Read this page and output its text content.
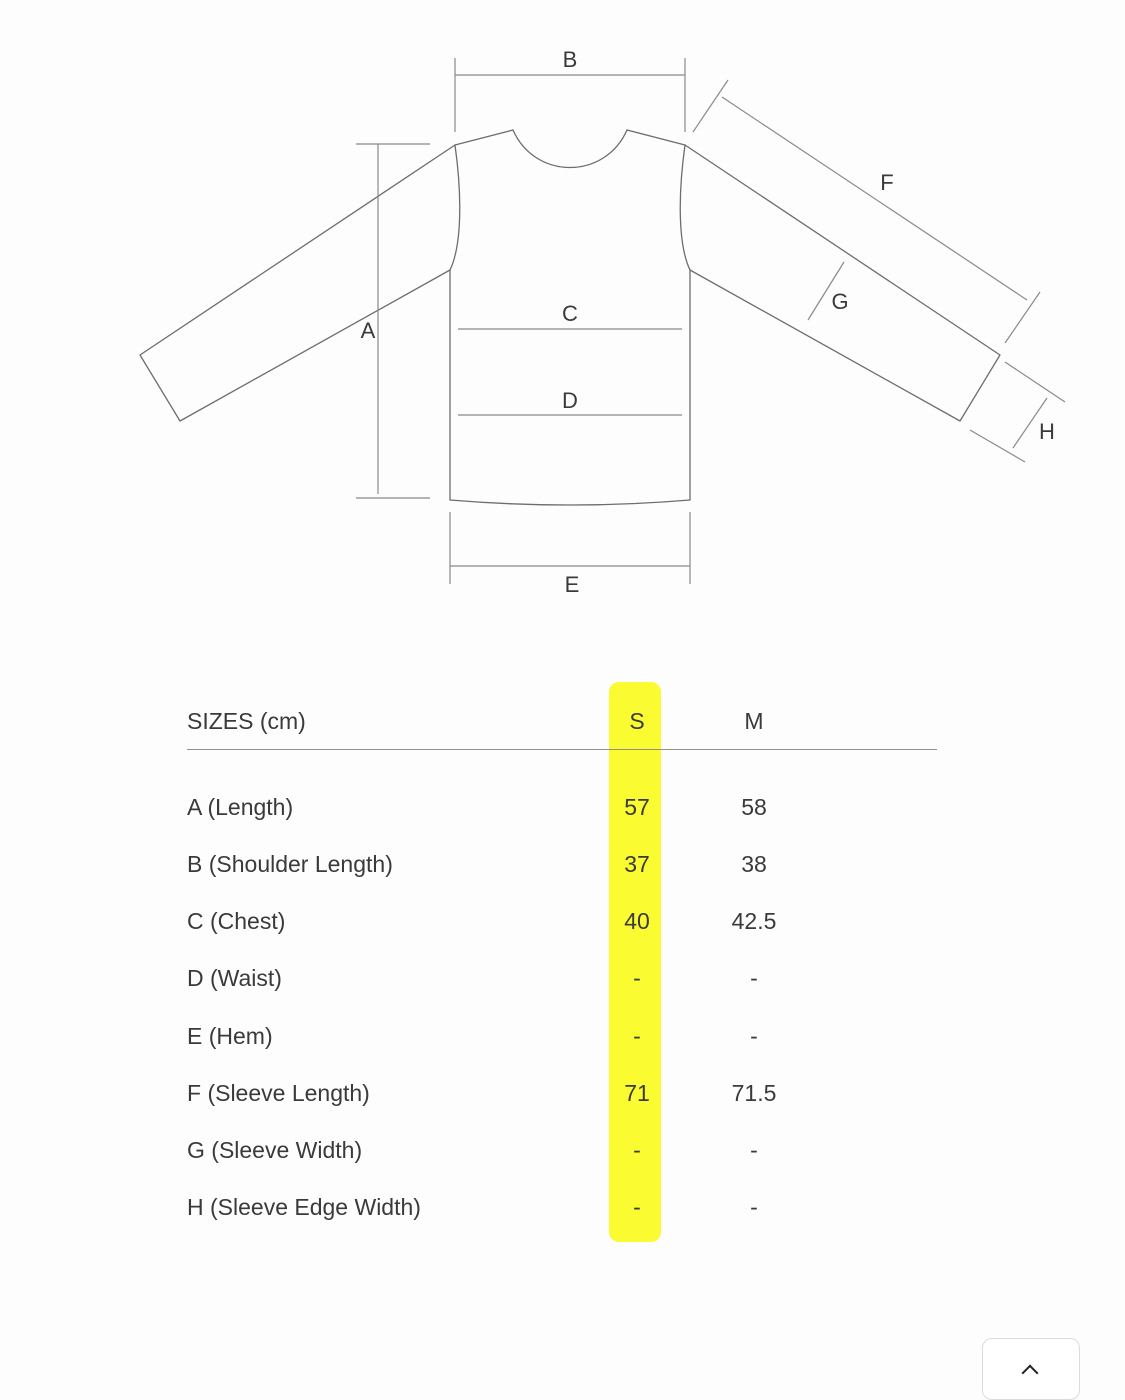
B
A
C
D
E
F
G
H
SIZES (cm)	S	M
A (Length)	57	58
B (Shoulder Length)	37	38
C (Chest)	40	42.5
D (Waist)	-	-
E (Hem)	-	-
F (Sleeve Length)	71	71.5
G (Sleeve Width)	-	-
H (Sleeve Edge Width)	-	-
